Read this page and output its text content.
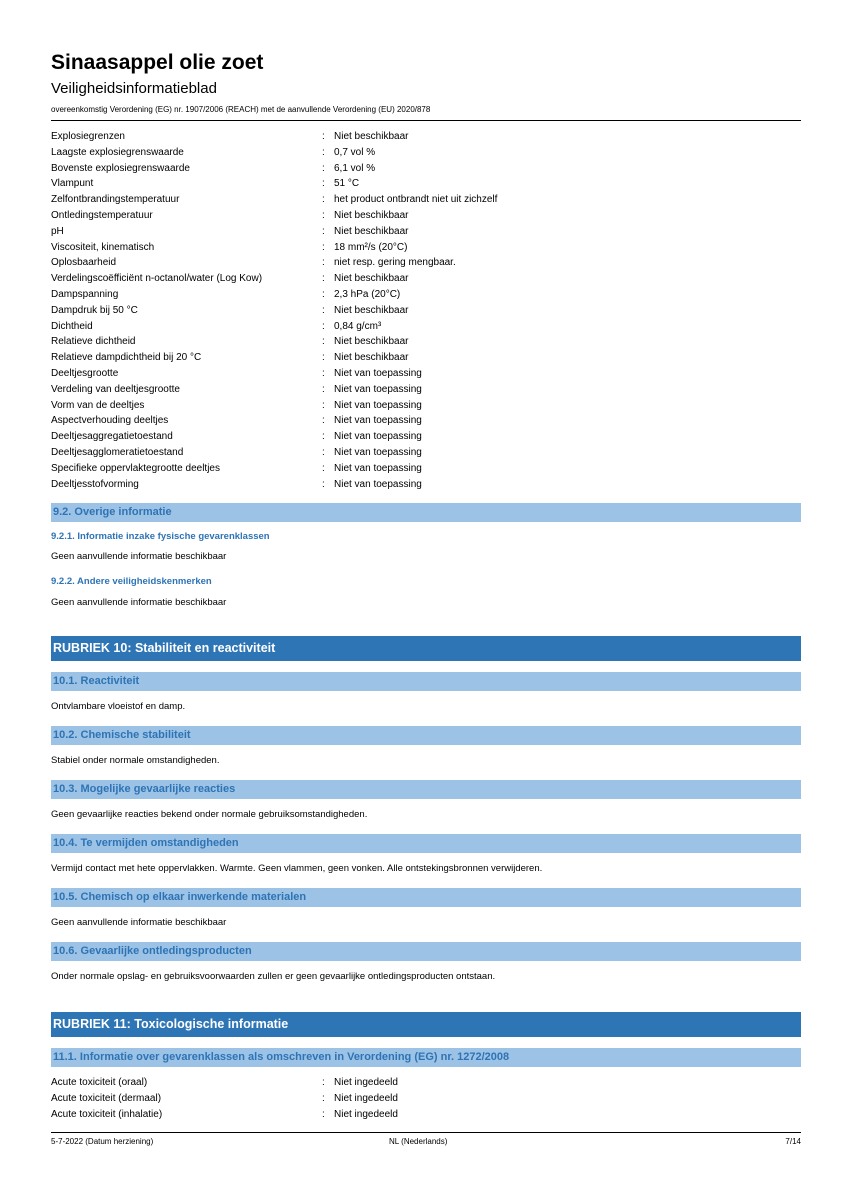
Sinaasappel olie zoet
Veiligheidsinformatieblad
overeenkomstig Verordening (EG) nr. 1907/2006 (REACH) met de aanvullende Verordening (EU) 2020/878
Explosiegrenzen	: Niet beschikbaar
Laagste explosiegrenswaarde	: 0,7 vol %
Bovenste explosiegrenswaarde	: 6,1 vol %
Vlampunt	: 51 °C
Zelfontbrandingstemperatuur	: het product ontbrandt niet uit zichzelf
Ontledingstemperatuur	: Niet beschikbaar
pH	: Niet beschikbaar
Viscositeit, kinematisch	: 18 mm²/s (20°C)
Oplosbaarheid	: niet resp. gering mengbaar.
Verdelingscoëfficiënt n-octanol/water (Log Kow)	: Niet beschikbaar
Dampspanning	: 2,3 hPa (20°C)
Dampdruk bij 50 °C	: Niet beschikbaar
Dichtheid	: 0,84 g/cm³
Relatieve dichtheid	: Niet beschikbaar
Relatieve dampdichtheid bij 20 °C	: Niet beschikbaar
Deeltjesgrootte	: Niet van toepassing
Verdeling van deeltjesgrootte	: Niet van toepassing
Vorm van de deeltjes	: Niet van toepassing
Aspectverhouding deeltjes	: Niet van toepassing
Deeltjesaggregatietoestand	: Niet van toepassing
Deeltjesagglomeratietoestand	: Niet van toepassing
Specifieke oppervlaktegrootte deeltjes	: Niet van toepassing
Deeltjesstofvorming	: Niet van toepassing
9.2. Overige informatie
9.2.1. Informatie inzake fysische gevarenklassen
Geen aanvullende informatie beschikbaar
9.2.2. Andere veiligheidskenmerken
Geen aanvullende informatie beschikbaar
RUBRIEK 10: Stabiliteit en reactiviteit
10.1. Reactiviteit
Ontvlambare vloeistof en damp.
10.2. Chemische stabiliteit
Stabiel onder normale omstandigheden.
10.3. Mogelijke gevaarlijke reacties
Geen gevaarlijke reacties bekend onder normale gebruiksomstandigheden.
10.4. Te vermijden omstandigheden
Vermijd contact met hete oppervlakken. Warmte. Geen vlammen, geen vonken. Alle ontstekingsbronnen verwijderen.
10.5. Chemisch op elkaar inwerkende materialen
Geen aanvullende informatie beschikbaar
10.6. Gevaarlijke ontledingsproducten
Onder normale opslag- en gebruiksvoorwaarden zullen er geen gevaarlijke ontledingsproducten ontstaan.
RUBRIEK 11: Toxicologische informatie
11.1. Informatie over gevarenklassen als omschreven in Verordening (EG) nr. 1272/2008
Acute toxiciteit (oraal)	: Niet ingedeeld
Acute toxiciteit (dermaal)	: Niet ingedeeld
Acute toxiciteit (inhalatie)	: Niet ingedeeld
5-7-2022 (Datum herziening)	NL (Nederlands)	7/14
